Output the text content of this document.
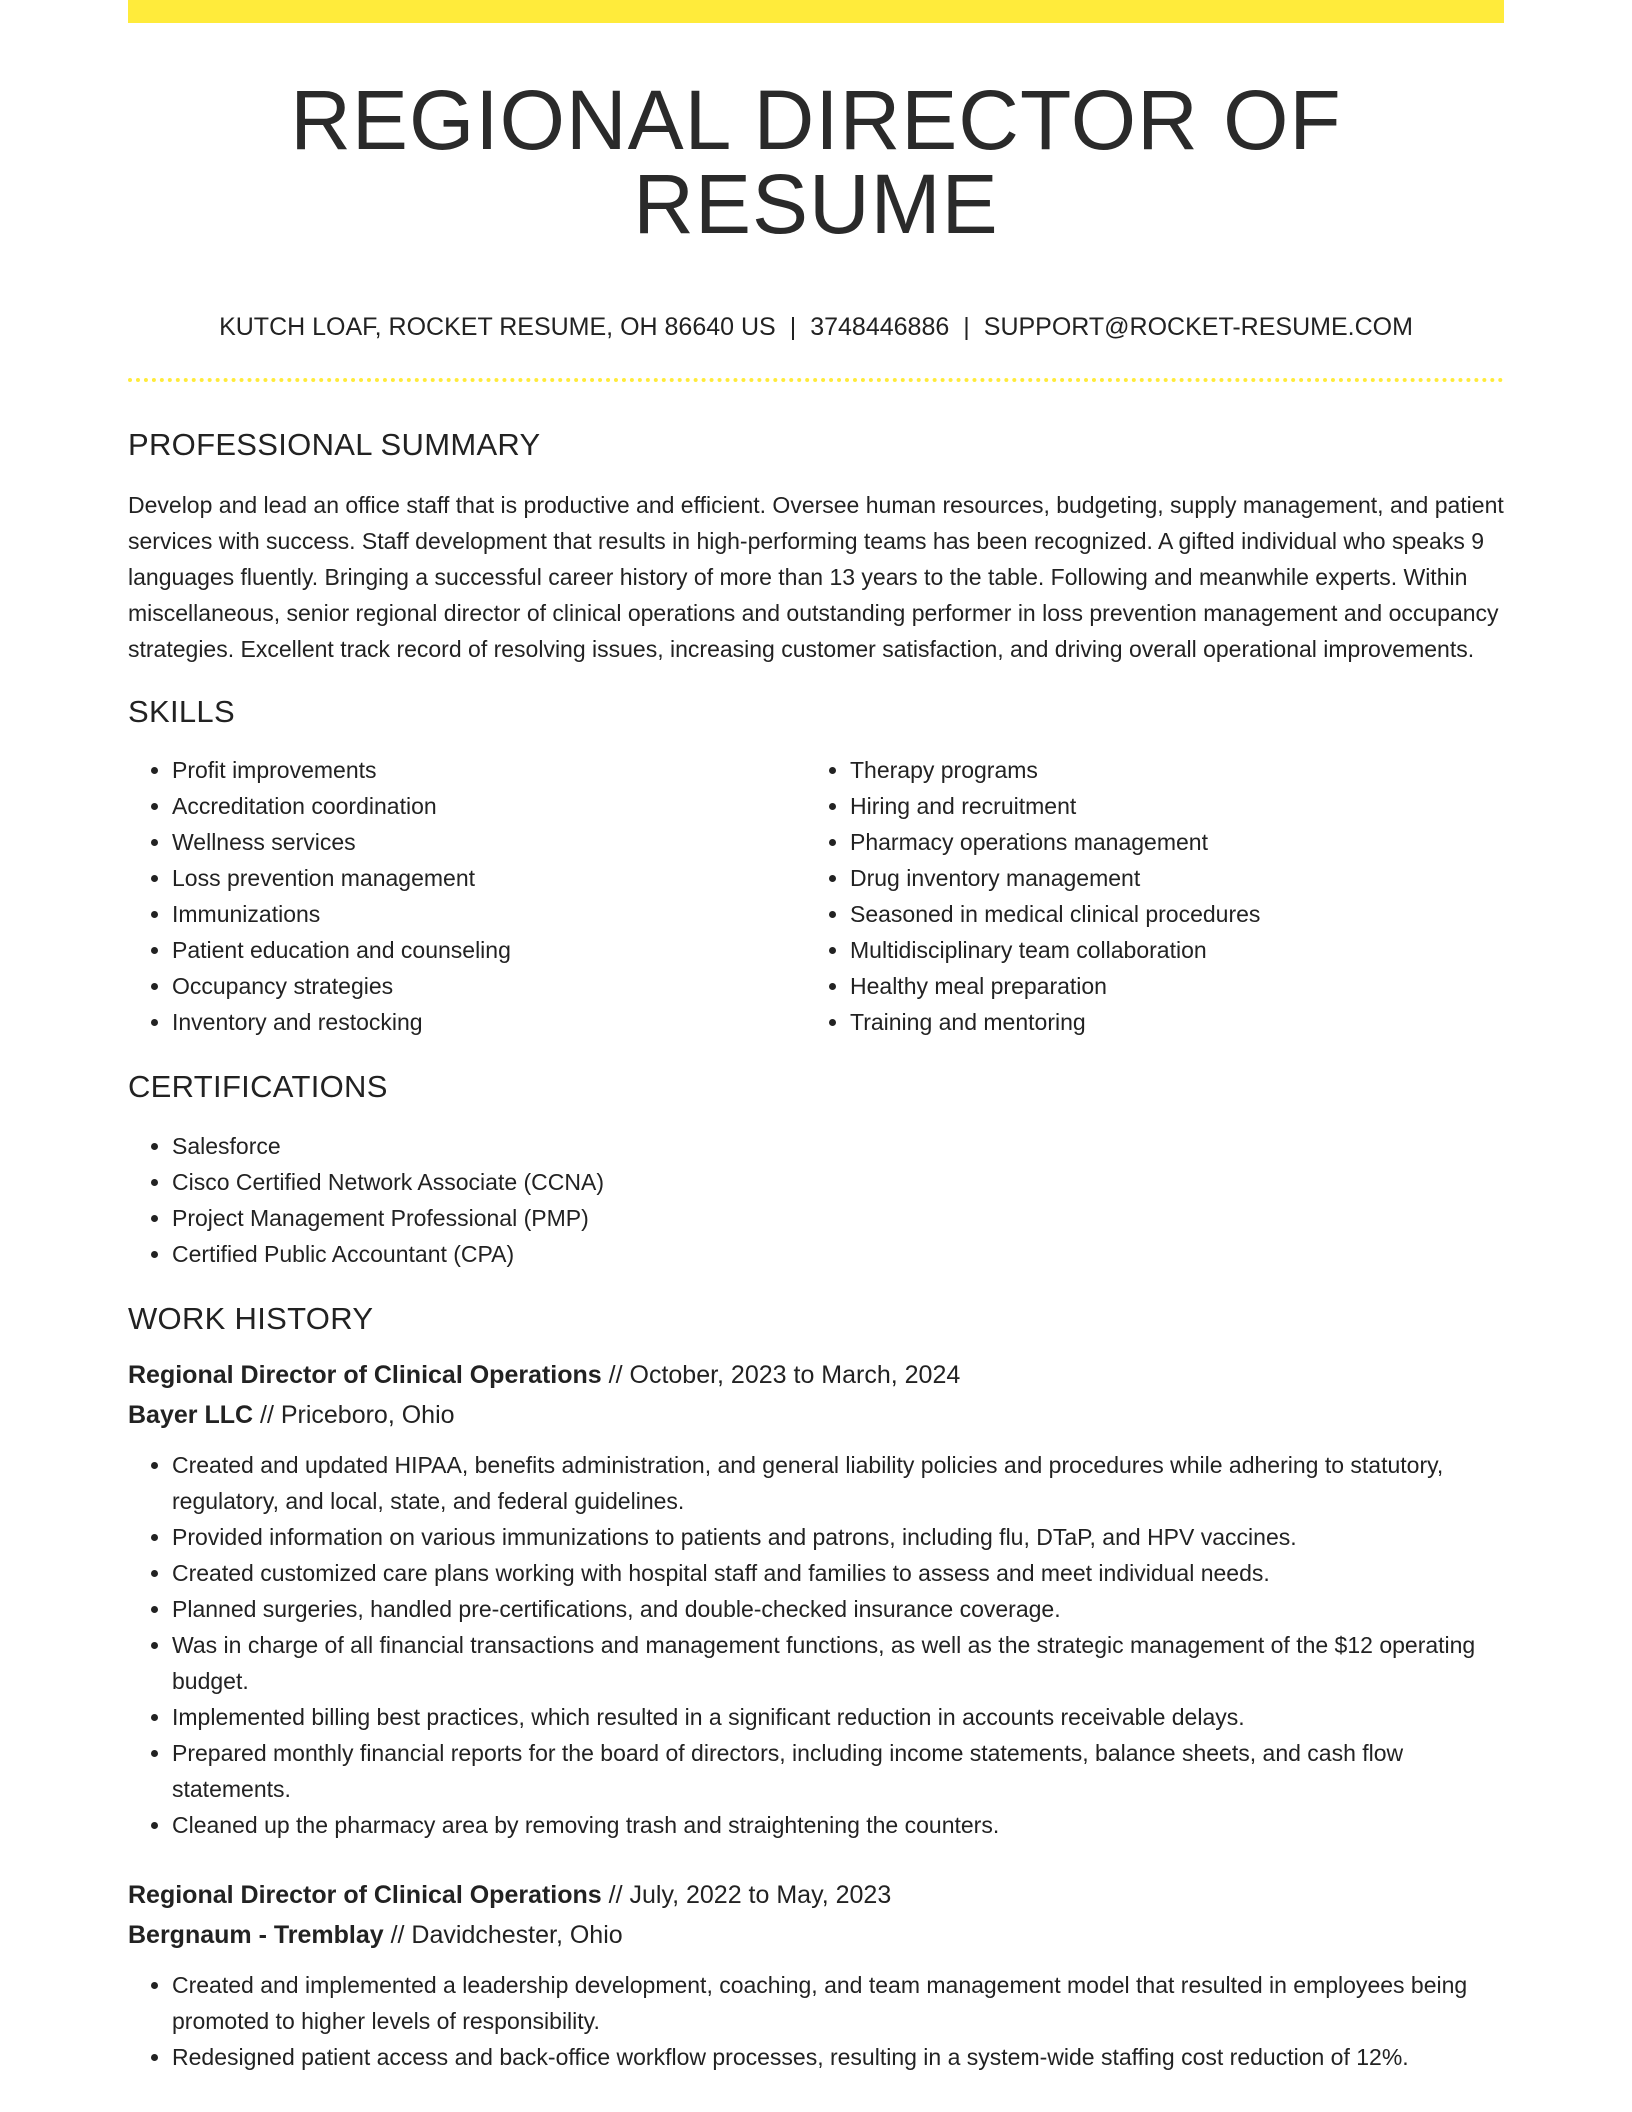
REGIONAL DIRECTOR OF RESUME
KUTCH LOAF, ROCKET RESUME, OH 86640 US | 3748446886 | SUPPORT@ROCKET-RESUME.COM
PROFESSIONAL SUMMARY

Develop and lead an office staff that is productive and efficient. Oversee human resources, budgeting, supply management, and patient services with success. Staff development that results in high-performing teams has been recognized. A gifted individual who speaks 9 languages fluently. Bringing a successful career history of more than 13 years to the table. Following and meanwhile experts. Within miscellaneous, senior regional director of clinical operations and outstanding performer in loss prevention management and occupancy strategies. Excellent track record of resolving issues, increasing customer satisfaction, and driving overall operational improvements.

SKILLS
• Profit improvements
• Accreditation coordination
• Wellness services
• Loss prevention management
• Immunizations
• Patient education and counseling
• Occupancy strategies
• Inventory and restocking
• Therapy programs
• Hiring and recruitment
• Pharmacy operations management
• Drug inventory management
• Seasoned in medical clinical procedures
• Multidisciplinary team collaboration
• Healthy meal preparation
• Training and mentoring
CERTIFICATIONS
• Salesforce
• Cisco Certified Network Associate (CCNA)
• Project Management Professional (PMP)
• Certified Public Accountant (CPA)
WORK HISTORY
Regional Director of Clinical Operations // October, 2023 to March, 2024
Bayer LLC // Priceboro, Ohio
• Created and updated HIPAA, benefits administration, and general liability policies and procedures while adhering to statutory, regulatory, and local, state, and federal guidelines.
• Provided information on various immunizations to patients and patrons, including flu, DTaP, and HPV vaccines.
• Created customized care plans working with hospital staff and families to assess and meet individual needs.
• Planned surgeries, handled pre-certifications, and double-checked insurance coverage.
• Was in charge of all financial transactions and management functions, as well as the strategic management of the $12 operating budget.
• Implemented billing best practices, which resulted in a significant reduction in accounts receivable delays.
• Prepared monthly financial reports for the board of directors, including income statements, balance sheets, and cash flow statements.
• Cleaned up the pharmacy area by removing trash and straightening the counters.
Regional Director of Clinical Operations // July, 2022 to May, 2023
Bergnaum - Tremblay // Davidchester, Ohio
• Created and implemented a leadership development, coaching, and team management model that resulted in employees being promoted to higher levels of responsibility.
• Redesigned patient access and back-office workflow processes, resulting in a system-wide staffing cost reduction of 12%.
